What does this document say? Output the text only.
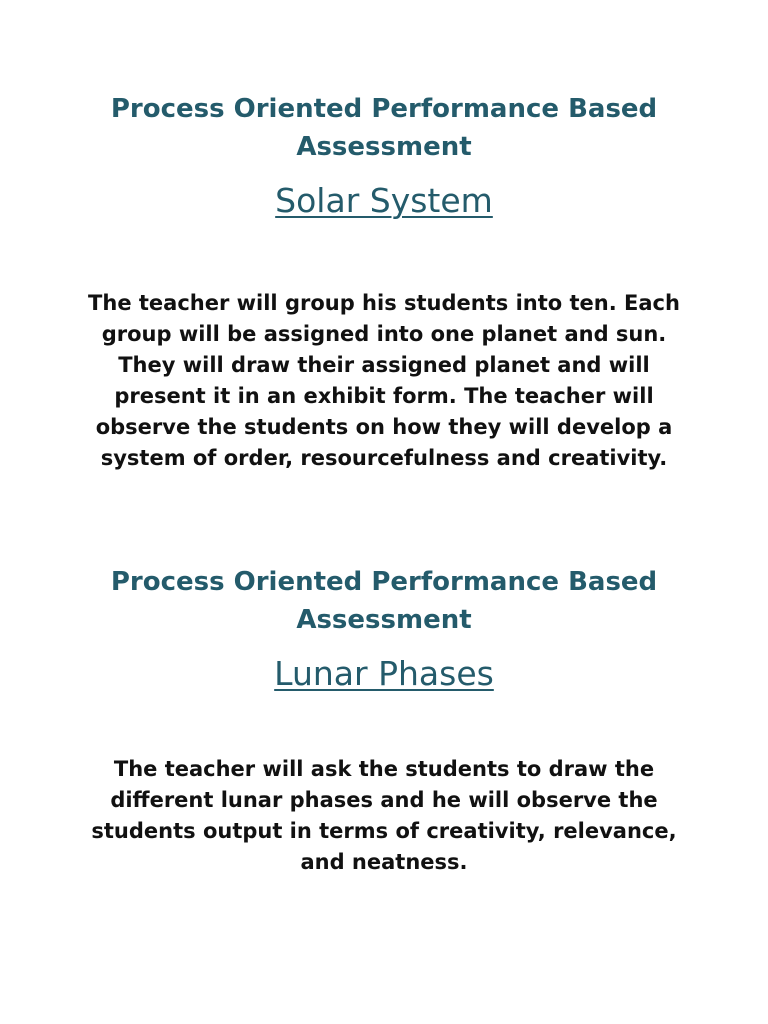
Process Oriented Performance Based Assessment
Solar System

The teacher will group his students into ten. Each group will be assigned into one planet and sun. They will draw their assigned planet and will present it in an exhibit form. The teacher will observe the students on how they will develop a system of order, resourcefulness and creativity.

Process Oriented Performance Based Assessment
Lunar Phases

The teacher will ask the students to draw the different lunar phases and he will observe the students output in terms of creativity, relevance, and neatness.
